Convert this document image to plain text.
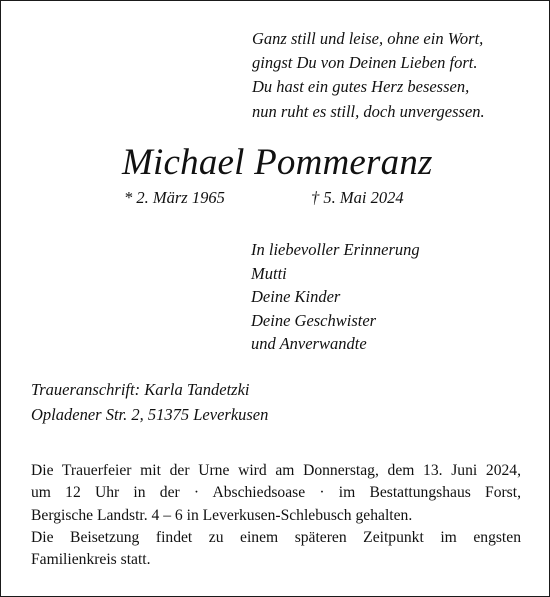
Ganz still und leise, ohne ein Wort,
gingst Du von Deinen Lieben fort.
Du hast ein gutes Herz besessen,
nun ruht es still, doch unvergessen.
Michael Pommeranz
* 2. März 1965	† 5. Mai 2024
In liebevoller Erinnerung
Mutti
Deine Kinder
Deine Geschwister
und Anverwandte
Traueranschrift: Karla Tandetzki
Opladener Str. 2, 51375 Leverkusen
Die Trauerfeier mit der Urne wird am Donnerstag, dem 13. Juni 2024,
um 12 Uhr in der · Abschiedsoase · im Bestattungshaus Forst,
Bergische Landstr. 4 – 6 in Leverkusen-Schlebusch gehalten.
Die Beisetzung findet zu einem späteren Zeitpunkt im engsten
Familienkreis statt.
